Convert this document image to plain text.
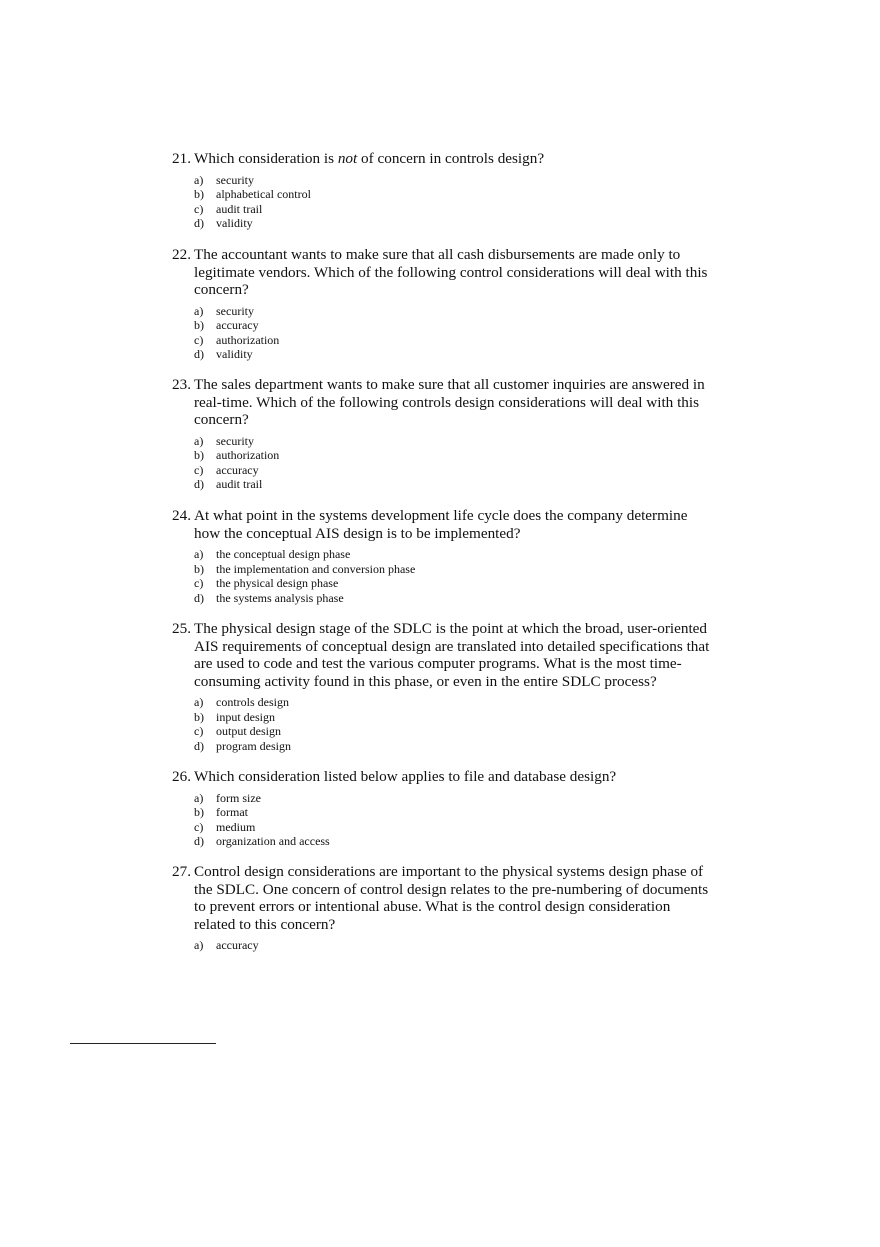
21. Which consideration is not of concern in controls design?

a)	security
b)	alphabetical control
c)	audit trail
d)	validity

22. The accountant wants to make sure that all cash disbursements are made only to legitimate vendors. Which of the following control considerations will deal with this concern?

a)	security
b)	accuracy
c)	authorization
d)	validity

23. The sales department wants to make sure that all customer inquiries are answered in real-time. Which of the following controls design considerations will deal with this concern?

a)	security
b)	authorization
c)	accuracy
d)	audit trail

24. At what point in the systems development life cycle does the company determine how the conceptual AIS design is to be implemented?

a)	the conceptual design phase
b)	the implementation and conversion phase
c)	the physical design phase
d)	the systems analysis phase

25. The physical design stage of the SDLC is the point at which the broad, user-oriented AIS requirements of conceptual design are translated into detailed specifications that are used to code and test the various computer programs. What is the most time-consuming activity found in this phase, or even in the entire SDLC process?

a)	controls design
b)	input design
c)	output design
d)	program design

26. Which consideration listed below applies to file and database design?

a)	form size
b)	format
c)	medium
d)	organization and access

27. Control design considerations are important to the physical systems design phase of the SDLC. One concern of control design relates to the pre-numbering of documents to prevent errors or intentional abuse. What is the control design consideration related to this concern?

a)	accuracy
